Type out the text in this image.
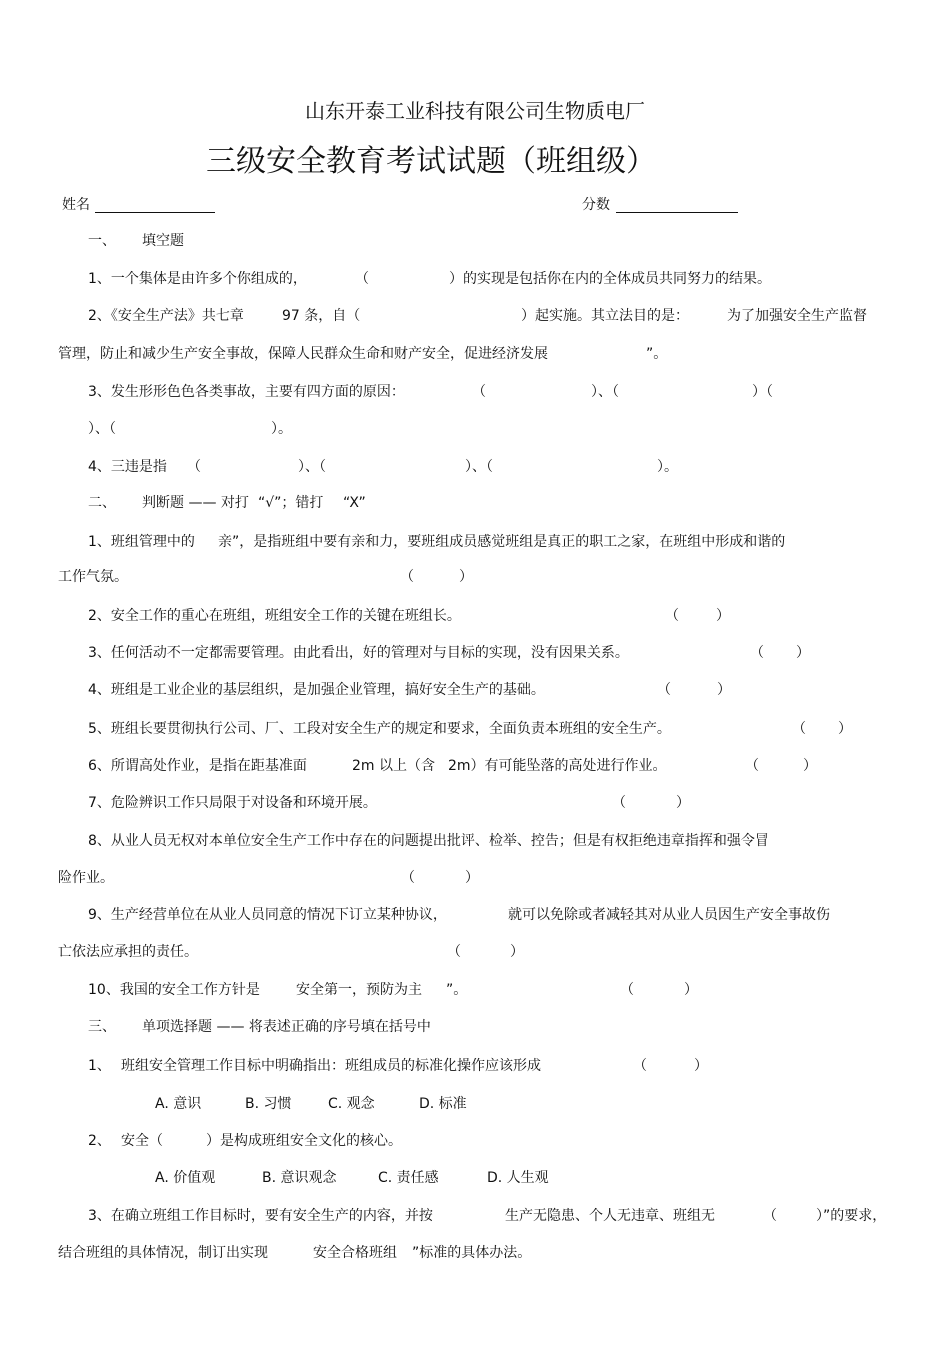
山东开泰工业科技有限公司生物质电厂
三级安全教育考试试题（班组级）
姓名	分数
一、 填空题
1、一个集体是由许多个你组成的，	（	）的实现是包括你在内的全体成员共同努力的结果。
2、《安全生产法》共七章	97 条，自（	）起实施。其立法目的是：	为了加强安全生产监督
管理，防止和减少生产安全事故，保障人民群众生命和财产安全，促进经济发展	”。
3、发生形形色色各类事故，主要有四方面的原因：	（	）、（	）（
）、（	）。
4、三违是指 （	）、（	）、（	）。
二、 判断题 —— 对打 “√”；错打 “X”
1、班组管理中的 亲”，是指班组中要有亲和力，要班组成员感觉班组是真正的职工之家，在班组中形成和谐的
工作气氛。	（	）
2、安全工作的重心在班组，班组安全工作的关键在班组长。	（	）
3、任何活动不一定都需要管理。由此看出，好的管理对与目标的实现，没有因果关系。	（ ）
4、班组是工业企业的基层组织，是加强企业管理，搞好安全生产的基础。	（	）
5、班组长要贯彻执行公司、厂、工段对安全生产的规定和要求，全面负责本班组的安全生产。	（ ）
6、所谓高处作业，是指在距基准面	2m 以上（含 2m）有可能坠落的高处进行作业。	（	）
7、危险辨识工作只局限于对设备和环境开展。	（	）
8、从业人员无权对本单位安全生产工作中存在的问题提出批评、检举、控告；但是有权拒绝违章指挥和强令冒
险作业。	（	）
9、生产经营单位在从业人员同意的情况下订立某种协议，	就可以免除或者减轻其对从业人员因生产安全事故伤
亡依法应承担的责任。	（	）
10、我国的安全工作方针是	安全第一，预防为主 ”。	（	）
三、 单项选择题 —— 将表述正确的序号填在括号中
1、 班组安全管理工作目标中明确指出：班组成员的标准化操作应该形成	（	）
A. 意识	B. 习惯	C. 观念	D. 标准
2、 安全（	）是构成班组安全文化的核心。
A. 价值观	B. 意识观念	C. 责任感	D. 人生观
3、在确立班组工作目标时，要有安全生产的内容，并按	生产无隐患、个人无违章、班组无	（	）”的要求，
结合班组的具体情况，制订出实现	安全合格班组 ”标准的具体办法。
